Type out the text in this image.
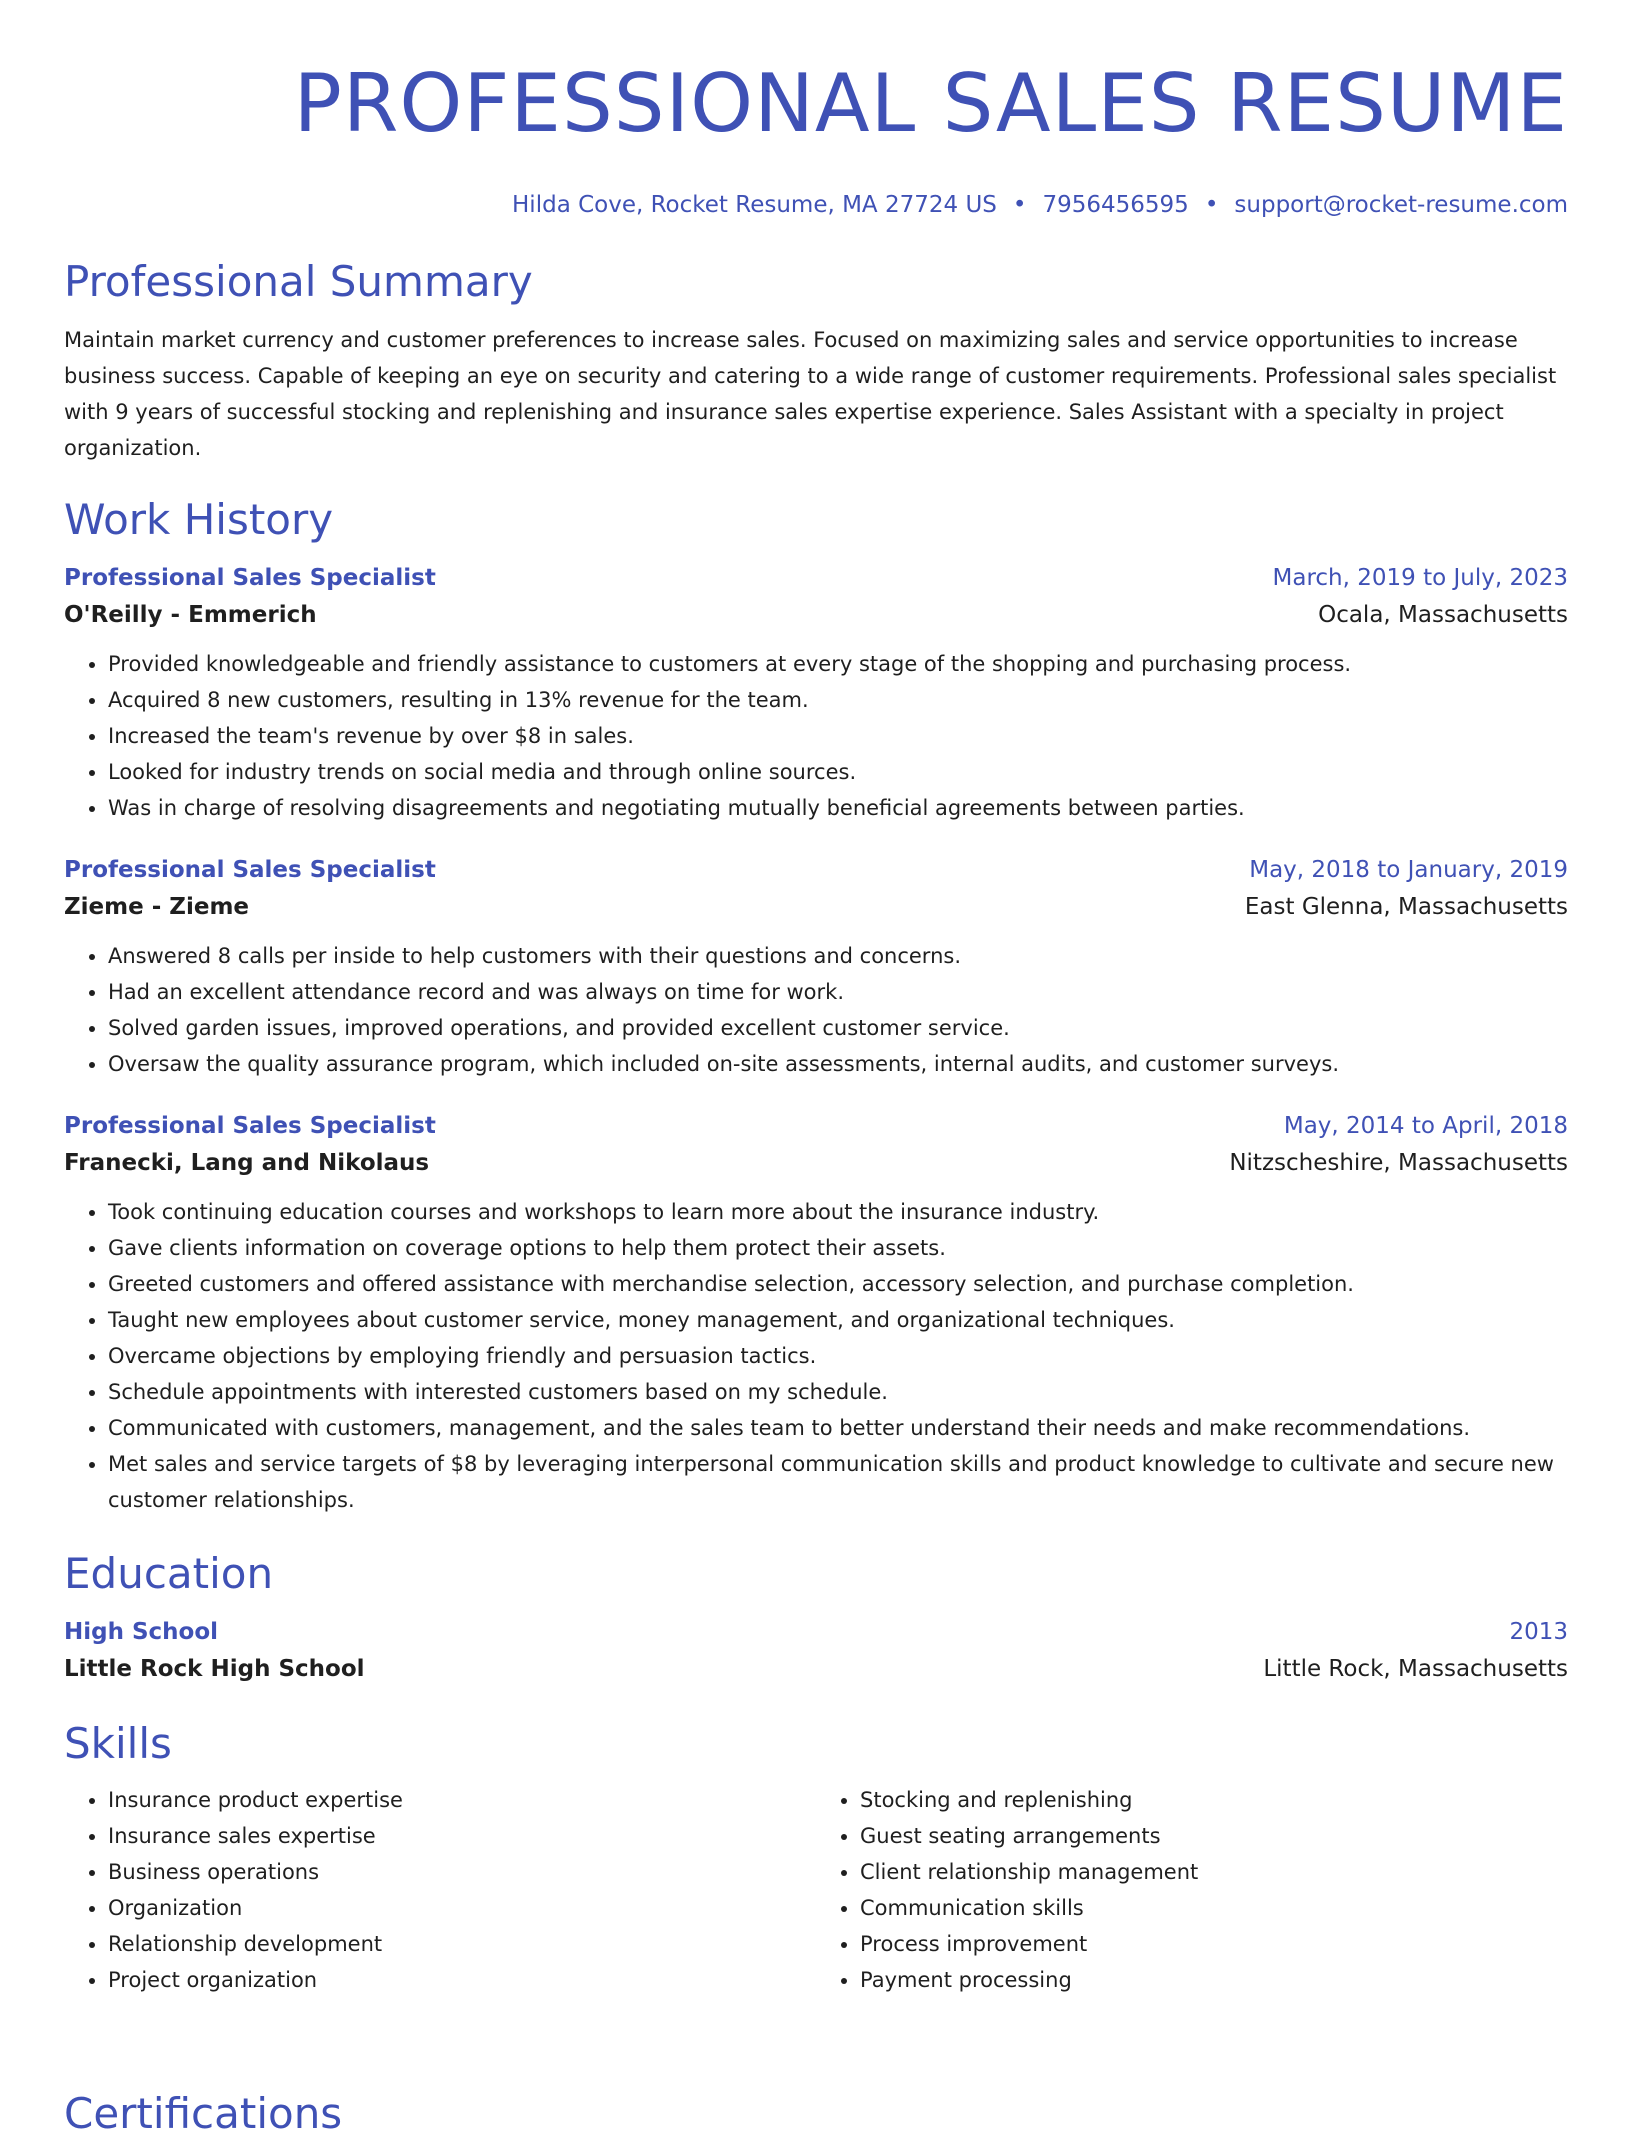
PROFESSIONAL SALES RESUME
Hilda Cove, Rocket Resume, MA 27724 US • 7956456595 • support@rocket-resume.com
Professional Summary

Maintain market currency and customer preferences to increase sales. Focused on maximizing sales and service opportunities to increase business success. Capable of keeping an eye on security and catering to a wide range of customer requirements. Professional sales specialist with 9 years of successful stocking and replenishing and insurance sales expertise experience. Sales Assistant with a specialty in project organization.

Work History
Professional Sales Specialist	March, 2019 to July, 2023
O'Reilly - Emmerich	Ocala, Massachusetts
• Provided knowledgeable and friendly assistance to customers at every stage of the shopping and purchasing process.
• Acquired 8 new customers, resulting in 13% revenue for the team.
• Increased the team's revenue by over $8 in sales.
• Looked for industry trends on social media and through online sources.
• Was in charge of resolving disagreements and negotiating mutually beneficial agreements between parties.
Professional Sales Specialist	May, 2018 to January, 2019
Zieme - Zieme	East Glenna, Massachusetts
• Answered 8 calls per inside to help customers with their questions and concerns.
• Had an excellent attendance record and was always on time for work.
• Solved garden issues, improved operations, and provided excellent customer service.
• Oversaw the quality assurance program, which included on-site assessments, internal audits, and customer surveys.
Professional Sales Specialist	May, 2014 to April, 2018
Franecki, Lang and Nikolaus	Nitzscheshire, Massachusetts
• Took continuing education courses and workshops to learn more about the insurance industry.
• Gave clients information on coverage options to help them protect their assets.
• Greeted customers and offered assistance with merchandise selection, accessory selection, and purchase completion.
• Taught new employees about customer service, money management, and organizational techniques.
• Overcame objections by employing friendly and persuasion tactics.
• Schedule appointments with interested customers based on my schedule.
• Communicated with customers, management, and the sales team to better understand their needs and make recommendations.
• Met sales and service targets of $8 by leveraging interpersonal communication skills and product knowledge to cultivate and secure new customer relationships.
Education
High School	2013
Little Rock High School	Little Rock, Massachusetts
Skills
• Insurance product expertise
• Insurance sales expertise
• Business operations
• Organization
• Relationship development
• Project organization
• Stocking and replenishing
• Guest seating arrangements
• Client relationship management
• Communication skills
• Process improvement
• Payment processing
Certifications
